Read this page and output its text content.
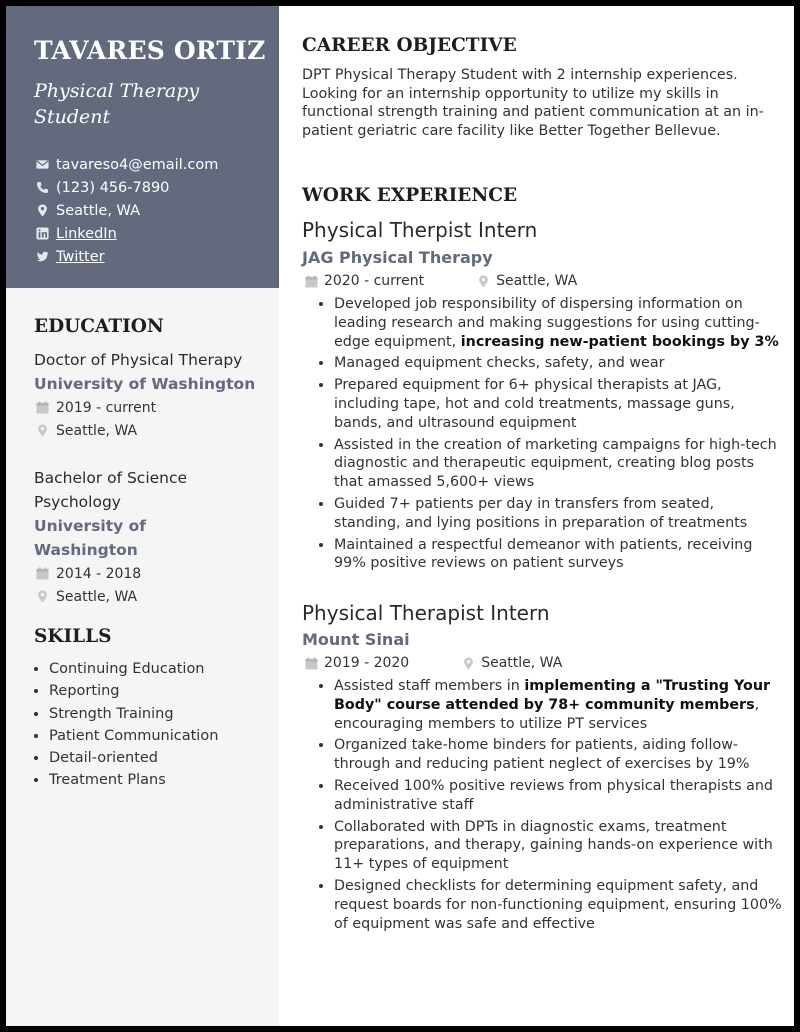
TAVARES ORTIZ

Physical Therapy Student

tavareso4@email.com
(123) 456-7890
Seattle, WA
LinkedIn
Twitter
EDUCATION

Doctor of Physical Therapy

University of Washington

2019 - current
Seattle, WA

Bachelor of Science Psychology

University of Washington

2014 - 2018
Seattle, WA
SKILLS
• Continuing Education
• Reporting
• Strength Training
• Patient Communication
• Detail-oriented
• Treatment Plans
CAREER OBJECTIVE

DPT Physical Therapy Student with 2 internship experiences. Looking for an internship opportunity to utilize my skills in functional strength training and patient communication at an in-patient geriatric care facility like Better Together Bellevue.

WORK EXPERIENCE

Physical Therpist Intern

JAG Physical Therapy

2020 - current	Seattle, WA
• Developed job responsibility of dispersing information on leading research and making suggestions for using cutting-edge equipment, increasing new-patient bookings by 3%
• Managed equipment checks, safety, and wear
• Prepared equipment for 6+ physical therapists at JAG, including tape, hot and cold treatments, massage guns, bands, and ultrasound equipment
• Assisted in the creation of marketing campaigns for high-tech diagnostic and therapeutic equipment, creating blog posts that amassed 5,600+ views
• Guided 7+ patients per day in transfers from seated, standing, and lying positions in preparation of treatments
• Maintained a respectful demeanor with patients, receiving 99% positive reviews on patient surveys

Physical Therapist Intern

Mount Sinai

2019 - 2020	Seattle, WA
• Assisted staff members in implementing a "Trusting Your Body" course attended by 78+ community members, encouraging members to utilize PT services
• Organized take-home binders for patients, aiding follow-through and reducing patient neglect of exercises by 19%
• Received 100% positive reviews from physical therapists and administrative staff
• Collaborated with DPTs in diagnostic exams, treatment preparations, and therapy, gaining hands-on experience with 11+ types of equipment
• Designed checklists for determining equipment safety, and request boards for non-functioning equipment, ensuring 100% of equipment was safe and effective
